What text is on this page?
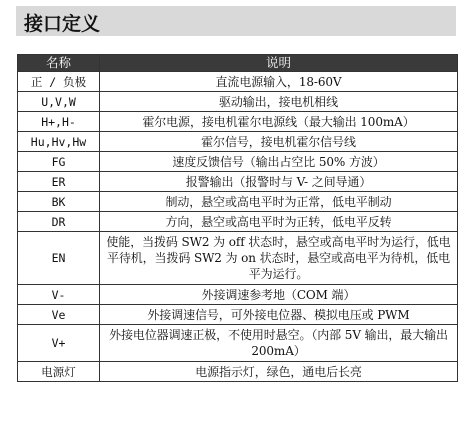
接口定义
名称	说明
正 / 负极	直流电源输入，18-60V
U,V,W	驱动输出，接电机相线
H+,H-	霍尔电源，接电机霍尔电源线（最大输出 100mA）
Hu,Hv,Hw	霍尔信号，接电机霍尔信号线
FG	速度反馈信号（输出占空比 50% 方波）
ER	报警输出（报警时与 V- 之间导通）
BK	制动，悬空或高电平时为正常，低电平制动
DR	方向，悬空或高电平时为正转，低电平反转
EN	使能，当拨码 SW2 为 off 状态时，悬空或高电平时为运行，低电平待机，当拨码 SW2 为 on 状态时，悬空或高电平为待机，低电平为运行。
V-	外接调速参考地（COM 端）
Ve	外接调速信号，可外接电位器、模拟电压或 PWM
V+	外接电位器调速正极，不使用时悬空。（内部 5V 输出，最大输出 200mA）
电源灯	电源指示灯，绿色，通电后长亮
